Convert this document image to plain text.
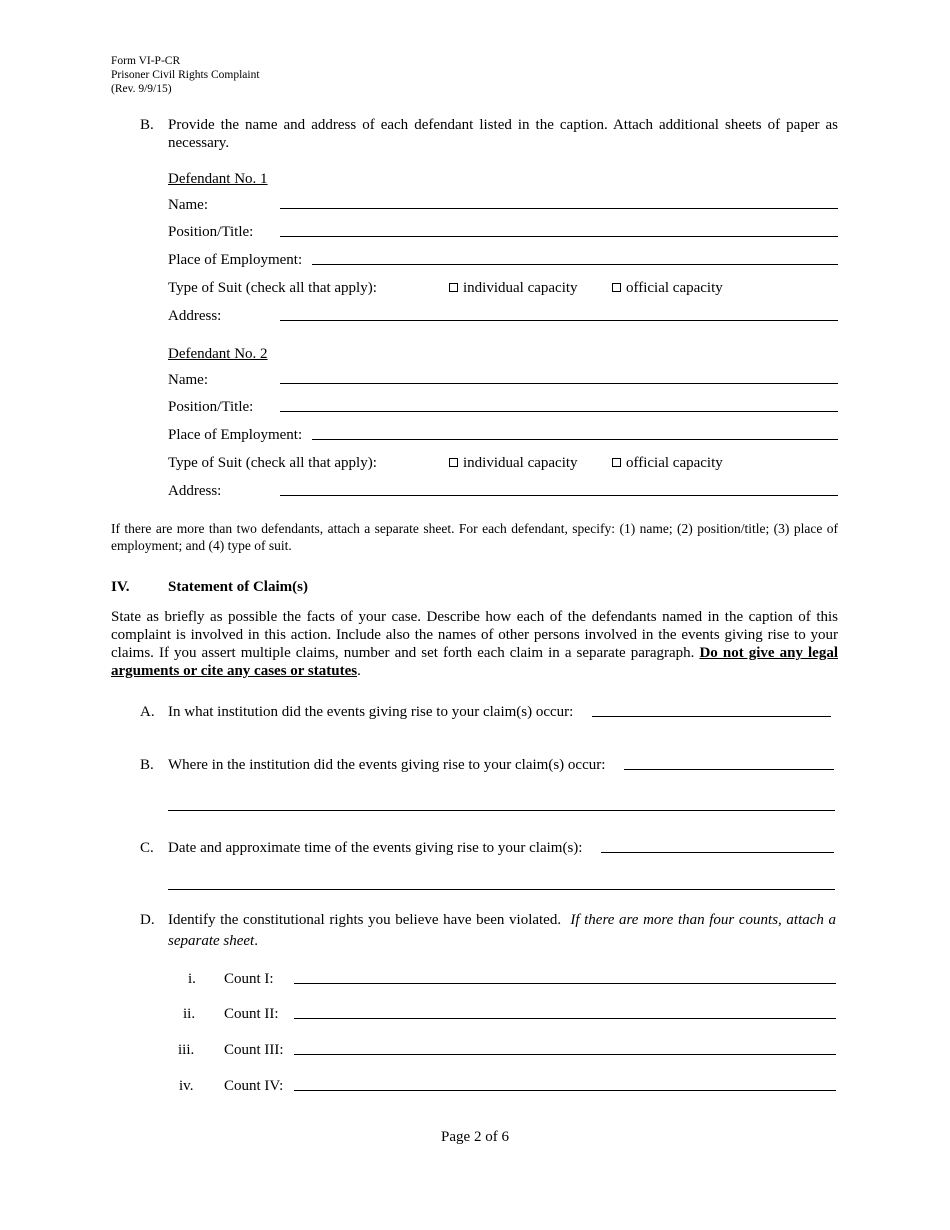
Form VI-P-CR
Prisoner Civil Rights Complaint
(Rev. 9/9/15)
B. Provide the name and address of each defendant listed in the caption. Attach additional sheets of paper as necessary.
Defendant No. 1
Name:
Position/Title:
Place of Employment:
Type of Suit (check all that apply):	individual capacity	official capacity
Address:
Defendant No. 2
Name:
Position/Title:
Place of Employment:
Type of Suit (check all that apply):	individual capacity	official capacity
Address:
If there are more than two defendants, attach a separate sheet. For each defendant, specify: (1) name; (2) position/title; (3) place of employment; and (4) type of suit.
IV.	Statement of Claim(s)
State as briefly as possible the facts of your case. Describe how each of the defendants named in the caption of this complaint is involved in this action. Include also the names of other persons involved in the events giving rise to your claims. If you assert multiple claims, number and set forth each claim in a separate paragraph. Do not give any legal arguments or cite any cases or statutes.
A. In what institution did the events giving rise to your claim(s) occur:
B. Where in the institution did the events giving rise to your claim(s) occur:
C. Date and approximate time of the events giving rise to your claim(s):
D. Identify the constitutional rights you believe have been violated. If there are more than four counts, attach a separate sheet.
i. Count I:
ii. Count II:
iii. Count III:
iv. Count IV:
Page 2 of 6
